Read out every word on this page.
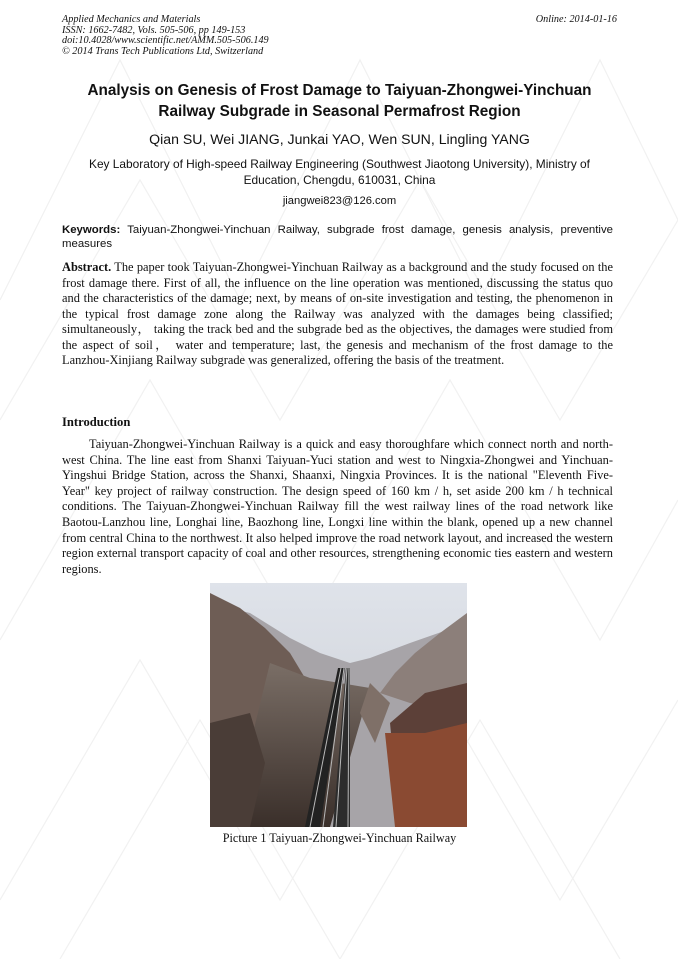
Applied Mechanics and Materials
ISSN: 1662-7482, Vols. 505-506, pp 149-153
doi:10.4028/www.scientific.net/AMM.505-506.149
© 2014 Trans Tech Publications Ltd, Switzerland
Online: 2014-01-16
Analysis on Genesis of Frost Damage to Taiyuan-Zhongwei-Yinchuan
Railway Subgrade in Seasonal Permafrost Region
Qian SU, Wei JIANG, Junkai YAO, Wen SUN, Lingling YANG
Key Laboratory of High-speed Railway Engineering (Southwest Jiaotong University), Ministry of Education, Chengdu, 610031, China
jiangwei823@126.com
Keywords: Taiyuan-Zhongwei-Yinchuan Railway, subgrade frost damage, genesis analysis, preventive measures
Abstract. The paper took Taiyuan-Zhongwei-Yinchuan Railway as a background and the study focused on the frost damage there. First of all, the influence on the line operation was mentioned, discussing the status quo and the characteristics of the damage; next, by means of on-site investigation and testing, the phenomenon in the typical frost damage zone along the Railway was analyzed with the damages being classified; simultaneously， taking the track bed and the subgrade bed as the objectives, the damages were studied from the aspect of soil， water and temperature; last, the genesis and mechanism of the frost damage to the Lanzhou-Xinjiang Railway subgrade was generalized, offering the basis of the treatment.
Introduction
Taiyuan-Zhongwei-Yinchuan Railway is a quick and easy thoroughfare which connect north and north-west China. The line east from Shanxi Taiyuan-Yuci station and west to Ningxia-Zhongwei and Yinchuan- Yingshui Bridge Station, across the Shanxi, Shaanxi, Ningxia Provinces. It is the national "Eleventh Five-Year" key project of railway construction. The design speed of 160 km / h, set aside 200 km / h technical conditions. The Taiyuan-Zhongwei-Yinchuan Railway fill the west railway lines of the road network like Baotou-Lanzhou line, Longhai line, Baozhong line, Longxi line within the blank, opened up a new channel from central China to the northwest. It also helped improve the road network layout, and increased the western region external transport capacity of coal and other resources, strengthening economic ties eastern and western regions.
Picture 1 Taiyuan-Zhongwei-Yinchuan Railway
